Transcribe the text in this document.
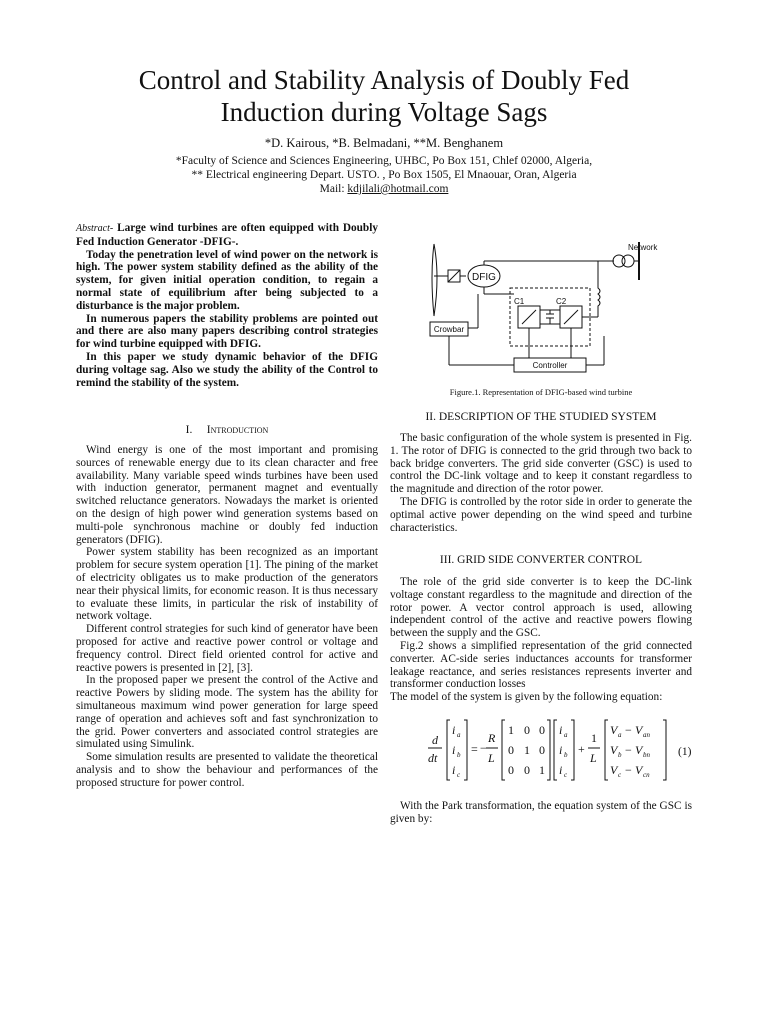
Control and Stability Analysis of Doubly Fed
Induction during Voltage Sags
*D. Kairous, *B. Belmadani, **M. Benghanem
*Faculty of Science and Sciences Engineering, UHBC, Po Box 151, Chlef 02000, Algeria,
** Electrical engineering Depart. USTO. , Po Box 1505, El Mnaouar, Oran, Algeria
Mail: kdjilali@hotmail.com

Abstract- Large wind turbines are often equipped with Doubly Fed Induction Generator -DFIG-.

Today the penetration level of wind power on the network is high. The power system stability defined as the ability of the system, for given initial operation condition, to regain a normal state of equilibrium after being subjected to a disturbance is the major problem.

In numerous papers the stability problems are pointed out and there are also many papers describing control strategies for wind turbine equipped with DFIG.

In this paper we study dynamic behavior of the DFIG during voltage sag. Also we study the ability of the Control to remind the stability of the system.

I. Introduction

Wind energy is one of the most important and promising sources of renewable energy due to its clean character and free availability. Many variable speed winds turbines have been used with induction generator, permanent magnet and eventually switched reluctance generators. Nowadays the market is oriented on the design of high power wind generation systems based on multi-pole synchronous machine or doubly fed induction generators (DFIG).

Power system stability has been recognized as an important problem for secure system operation [1]. The pining of the market of electricity obligates us to make production of the generators near their physical limits, for economic reason. It is thus necessary to evaluate these limits, in particular the risk of instability of network voltage.

Different control strategies for such kind of generator have been proposed for active and reactive power control or voltage and frequency control. Direct field oriented control for active and reactive powers is presented in [2], [3].

In the proposed paper we present the control of the Active and reactive Powers by sliding mode. The system has the ability for simultaneous maximum wind power generation for large speed range of operation and achieves soft and fast synchronization to the grid. Power converters and associated control strategies are simulated using Simulink.

Some simulation results are presented to validate the theoretical analysis and to show the behaviour and performances of the proposed structure for power control.

DFIG
Network
C1	C2
Crowbar
Controller
Figure.1. Representation of DFIG-based wind turbine

II. DESCRIPTION OF THE STUDIED SYSTEM

The basic configuration of the whole system is presented in Fig. 1. The rotor of DFIG is connected to the grid through two back to back bridge converters. The grid side converter (GSC) is used to control the DC-link voltage and to keep it constant regardless to the magnitude and direction of the rotor power.

The DFIG is controlled by the rotor side in order to generate the optimal active power depending on the wind speed and turbine characteristics.

III. GRID SIDE CONVERTER CONTROL

The role of the grid side converter is to keep the DC-link voltage constant regardless to the magnitude and direction of the rotor power. A vector control approach is used, allowing independent control of the active and reactive powers flowing between the supply and the GSC.

Fig.2 shows a simplified representation of the grid connected converter. AC-side series inductances accounts for transformer leakage reactance, and series resistances represents inverter and transformer conduction losses

The model of the system is given by the following equation:

d
dt
i a
i b
i c
= −
R
L
1 0 0
0 1 0
0 0 1
i a
i b
i c
+
1
L
V a − V an
V b − V bn
V c − V cn
(1)

With the Park transformation, the equation system of the GSC is given by:
